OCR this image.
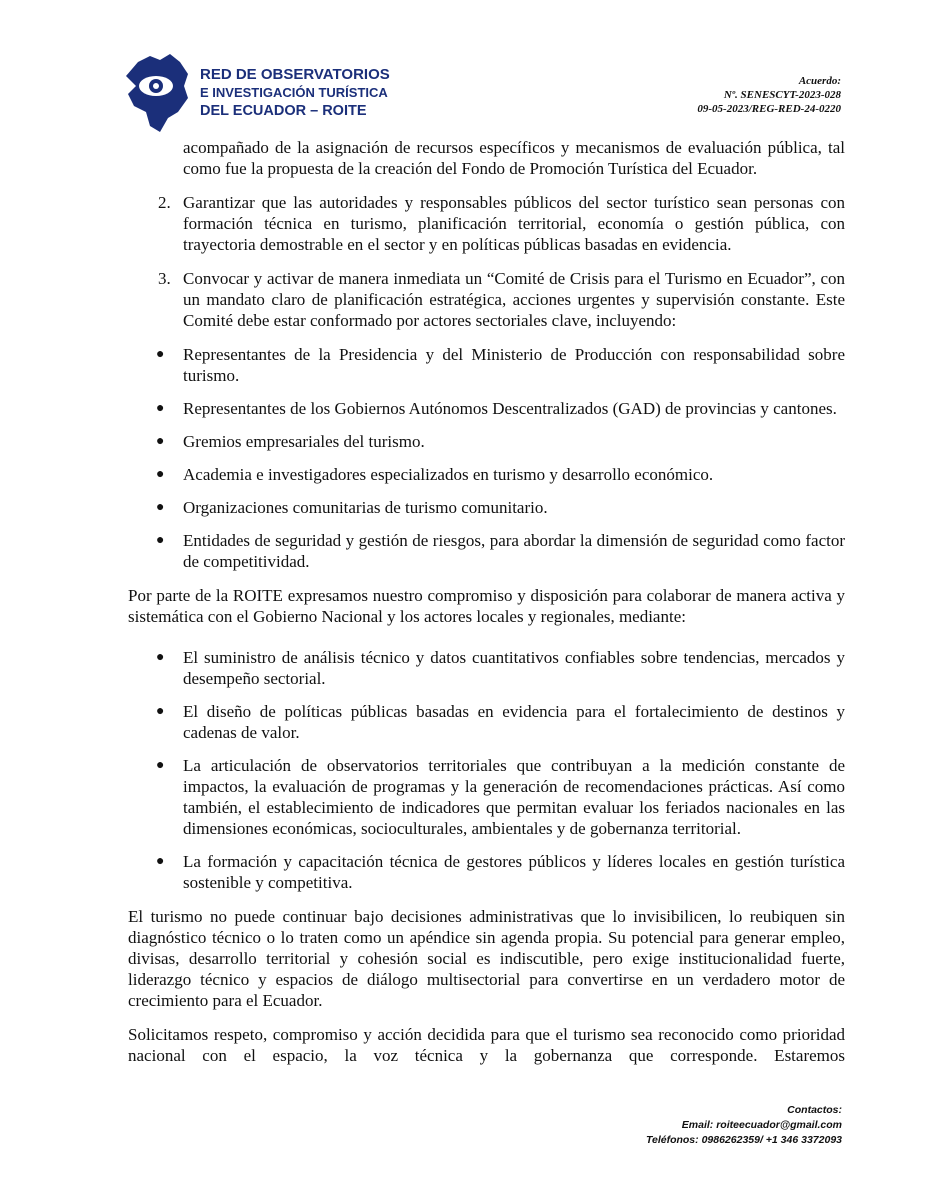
RED DE OBSERVATORIOS
E INVESTIGACIÓN TURÍSTICA
DEL ECUADOR – ROITE
Acuerdo:
Nº. SENESCYT-2023-028
09-05-2023/REG-RED-24-0220

acompañado de la asignación de recursos específicos y mecanismos de evaluación pública, tal como fue la propuesta de la creación del Fondo de Promoción Turística del Ecuador.

2. Garantizar que las autoridades y responsables públicos del sector turístico sean personas con formación técnica en turismo, planificación territorial, economía o gestión pública, con trayectoria demostrable en el sector y en políticas públicas basadas en evidencia.

3. Convocar y activar de manera inmediata un “Comité de Crisis para el Turismo en Ecuador”, con un mandato claro de planificación estratégica, acciones urgentes y supervisión constante. Este Comité debe estar conformado por actores sectoriales clave, incluyendo:

● Representantes de la Presidencia y del Ministerio de Producción con responsabilidad sobre turismo.

● Representantes de los Gobiernos Autónomos Descentralizados (GAD) de provincias y cantones.

● Gremios empresariales del turismo.

● Academia e investigadores especializados en turismo y desarrollo económico.

● Organizaciones comunitarias de turismo comunitario.

● Entidades de seguridad y gestión de riesgos, para abordar la dimensión de seguridad como factor de competitividad.

Por parte de la ROITE expresamos nuestro compromiso y disposición para colaborar de manera activa y sistemática con el Gobierno Nacional y los actores locales y regionales, mediante:

● El suministro de análisis técnico y datos cuantitativos confiables sobre tendencias, mercados y desempeño sectorial.

● El diseño de políticas públicas basadas en evidencia para el fortalecimiento de destinos y cadenas de valor.

● La articulación de observatorios territoriales que contribuyan a la medición constante de impactos, la evaluación de programas y la generación de recomendaciones prácticas. Así como también, el establecimiento de indicadores que permitan evaluar los feriados nacionales en las dimensiones económicas, socioculturales, ambientales y de gobernanza territorial.

● La formación y capacitación técnica de gestores públicos y líderes locales en gestión turística sostenible y competitiva.

El turismo no puede continuar bajo decisiones administrativas que lo invisibilicen, lo reubiquen sin diagnóstico técnico o lo traten como un apéndice sin agenda propia. Su potencial para generar empleo, divisas, desarrollo territorial y cohesión social es indiscutible, pero exige institucionalidad fuerte, liderazgo técnico y espacios de diálogo multisectorial para convertirse en un verdadero motor de crecimiento para el Ecuador.

Solicitamos respeto, compromiso y acción decidida para que el turismo sea reconocido como prioridad nacional con el espacio, la voz técnica y la gobernanza que corresponde. Estaremos

Contactos:
Email: roiteecuador@gmail.com
Teléfonos: 0986262359/ +1 346 3372093
